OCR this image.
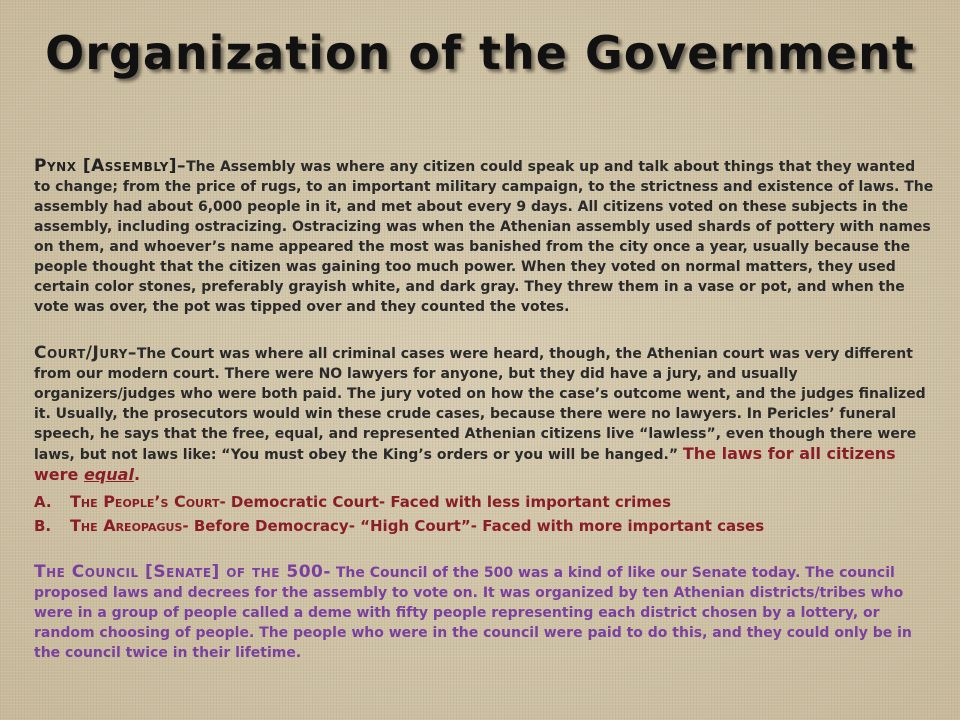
Organization of the Government

Pynx [Assembly]–The Assembly was where any citizen could speak up and talk about things that they wanted to change; from the price of rugs, to an important military campaign, to the strictness and existence of laws. The assembly had about 6,000 people in it, and met about every 9 days. All citizens voted on these subjects in the assembly, including ostracizing. Ostracizing was when the Athenian assembly used shards of pottery with names on them, and whoever’s name appeared the most was banished from the city once a year, usually because the people thought that the citizen was gaining too much power. When they voted on normal matters, they used certain color stones, preferably grayish white, and dark gray. They threw them in a vase or pot, and when the vote was over, the pot was tipped over and they counted the votes.

Court/Jury–The Court was where all criminal cases were heard, though, the Athenian court was very different from our modern court. There were NO lawyers for anyone, but they did have a jury, and usually organizers/judges who were both paid. The jury voted on how the case’s outcome went, and the judges finalized it. Usually, the prosecutors would win these crude cases, because there were no lawyers. In Pericles’ funeral speech, he says that the free, equal, and represented Athenian citizens live “lawless”, even though there were laws, but not laws like: “You must obey the King’s orders or you will be hanged.” The laws for all citizens were equal.

A. The People’s Court- Democratic Court- Faced with less important crimes
B. The Areopagus- Before Democracy- “High Court”- Faced with more important cases

The Council [Senate] of the 500- The Council of the 500 was a kind of like our Senate today. The council proposed laws and decrees for the assembly to vote on. It was organized by ten Athenian districts/tribes who were in a group of people called a deme with fifty people representing each district chosen by a lottery, or random choosing of people. The people who were in the council were paid to do this, and they could only be in the council twice in their lifetime.
